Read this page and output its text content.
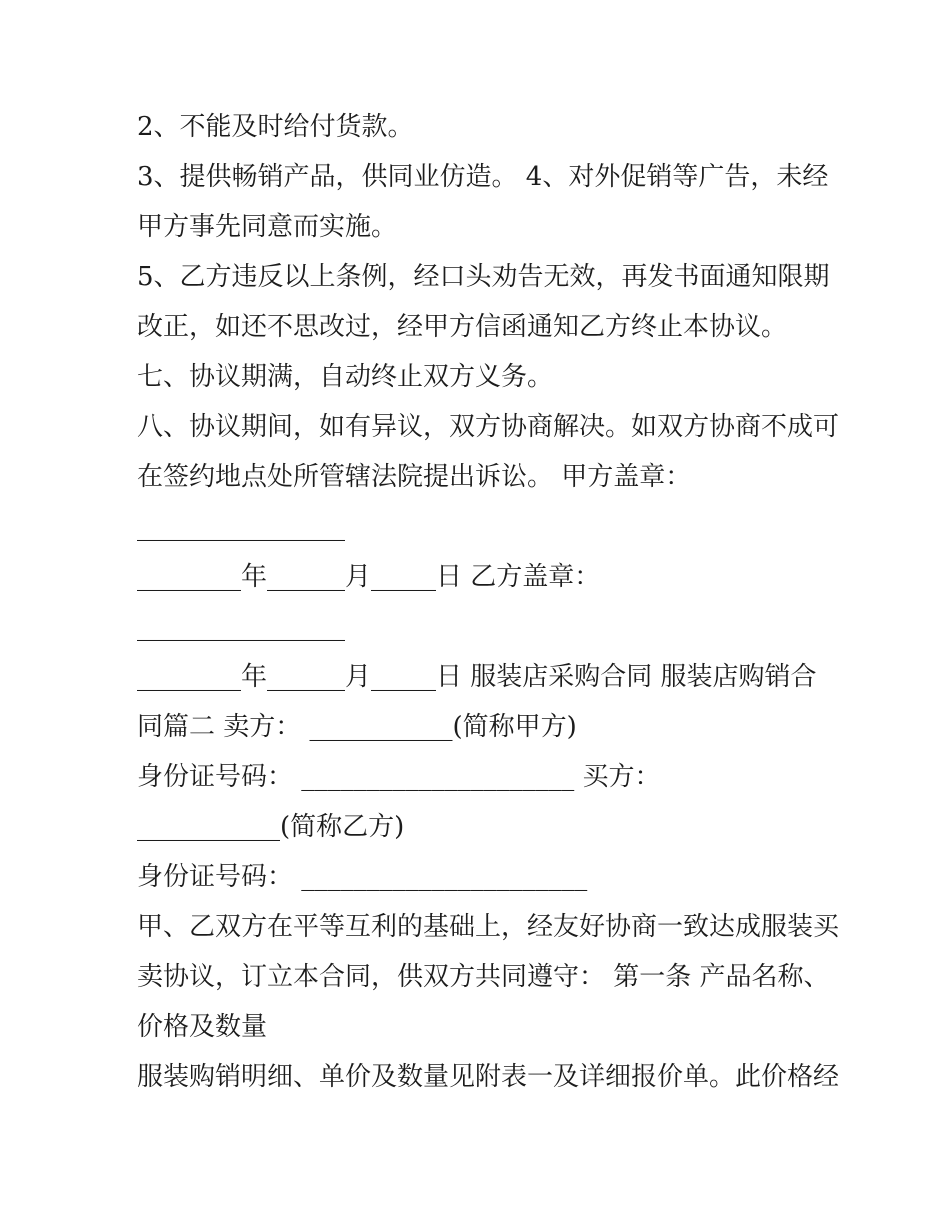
2、不能及时给付货款。

3、提供畅销产品，供同业仿造。 4、对外促销等广告，未经

甲方事先同意而实施。

5、乙方违反以上条例，经口头劝告无效，再发书面通知限期

改正，如还不思改过，经甲方信函通知乙方终止本协议。

七、协议期满，自动终止双方义务。

八、协议期间，如有异议，双方协商解决。如双方协商不成可

在签约地点处所管辖法院提出诉讼。 甲方盖章：

________________

________年______月_____日 乙方盖章：

________________

________年______月_____日 服装店采购合同 服装店购销合

同篇二 卖方： ___________(简称甲方)

身份证号码： _____________________ 买方：

___________(简称乙方)

身份证号码： ______________________

甲、乙双方在平等互利的基础上，经友好协商一致达成服装买

卖协议，订立本合同，供双方共同遵守： 第一条 产品名称、

价格及数量

服装购销明细、单价及数量见附表一及详细报价单。此价格经
